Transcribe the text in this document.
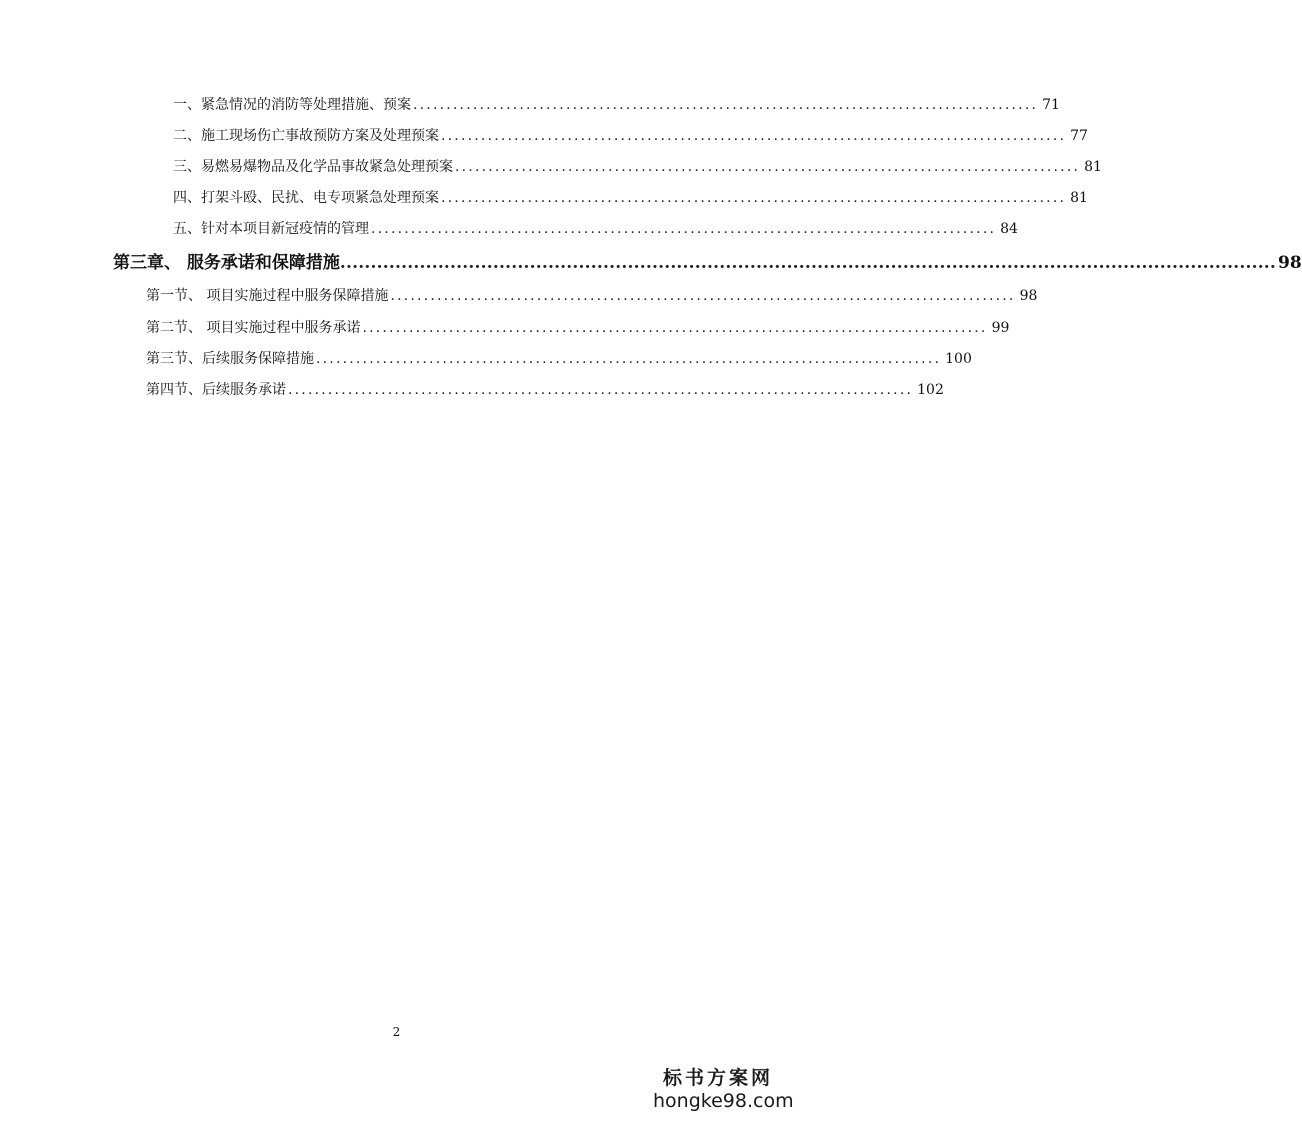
一、紧急情况的消防等处理措施、预案 .............................................................................................. 71
二、施工现场伤亡事故预防方案及处理预案 .............................................................................................. 77
三、易燃易爆物品及化学品事故紧急处理预案 .............................................................................................. 81
四、打架斗殴、民扰、电专项紧急处理预案 .............................................................................................. 81
五、针对本项目新冠疫情的管理 .............................................................................................. 84
第三章、 服务承诺和保障措施 ......................................................................................................................................................... 98
第一节、 项目实施过程中服务保障措施 .............................................................................................. 98
第二节、 项目实施过程中服务承诺 .............................................................................................. 99
第三节、后续服务保障措施 .............................................................................................. 100
第四节、后续服务承诺 .............................................................................................. 102
2
标书方案网
hongke98.com
